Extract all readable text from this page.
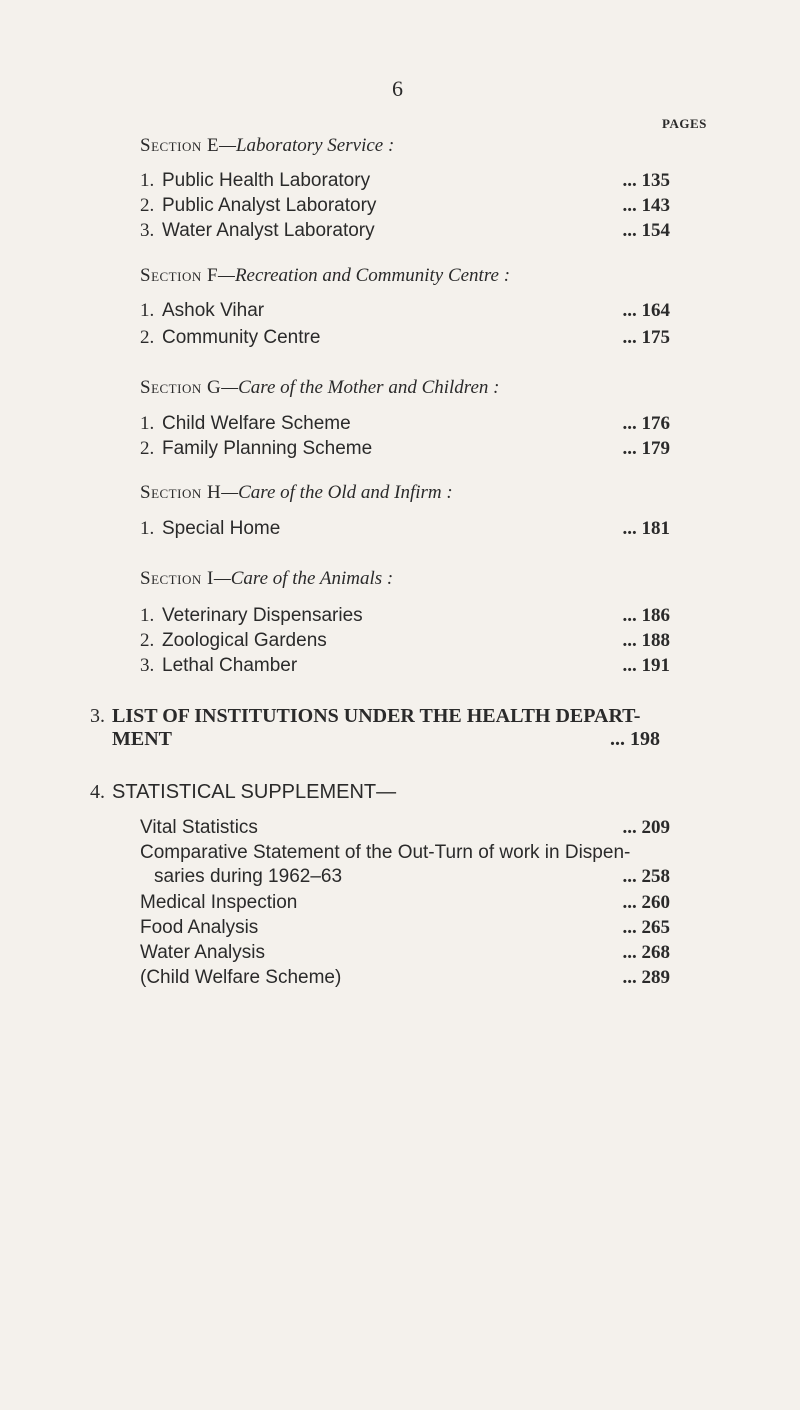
6
PAGES
Section E—Laboratory Service :
1. Public Health Laboratory	... 135
2. Public Analyst Laboratory	... 143
3. Water Analyst Laboratory	... 154
Section F—Recreation and Community Centre :
1. Ashok Vihar	... 164
2. Community Centre	... 175
Section G—Care of the Mother and Children :
1. Child Welfare Scheme	... 176
2. Family Planning Scheme	... 179
Section H—Care of the Old and Infirm :
1. Special Home	... 181
Section I—Care of the Animals :
1. Veterinary Dispensaries	... 186
2. Zoological Gardens	... 188
3. Lethal Chamber	... 191
3. LIST OF INSTITUTIONS UNDER THE HEALTH DEPART-
MENT	... 198
4. STATISTICAL SUPPLEMENT—
Vital Statistics	... 209
Comparative Statement of the Out-Turn of work in Dispen-
saries during 1962–63	... 258
Medical Inspection	... 260
Food Analysis	... 265
Water Analysis	... 268
(Child Welfare Scheme)	... 289
